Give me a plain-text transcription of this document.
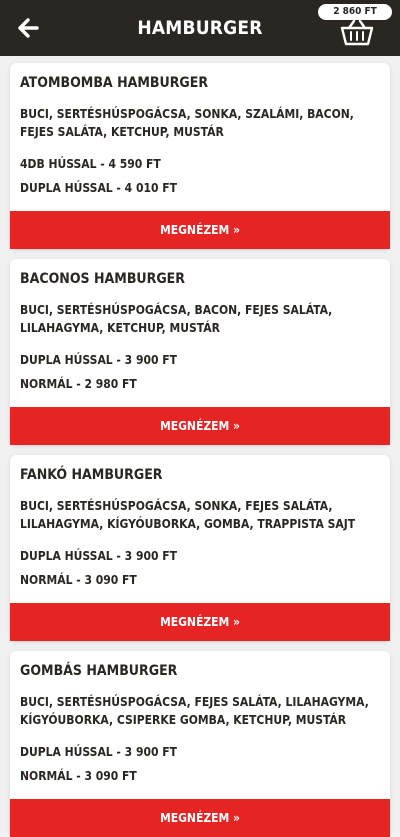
HAMBURGER
2 860 FT
ATOMBOMBA HAMBURGER
BUCI, SERTÉSHÚSPOGÁCSA, SONKA, SZALÁMI, BACON, FEJES SALÁTA, KETCHUP, MUSTÁR
4DB HÚSSAL - 4 590 FT
DUPLA HÚSSAL - 4 010 FT
MEGNÉZEM »
BACONOS HAMBURGER
BUCI, SERTÉSHÚSPOGÁCSA, BACON, FEJES SALÁTA, LILAHAGYMA, KETCHUP, MUSTÁR
DUPLA HÚSSAL - 3 900 FT
NORMÁL - 2 980 FT
MEGNÉZEM »
FANKÓ HAMBURGER
BUCI, SERTÉSHÚSPOGÁCSA, SONKA, FEJES SALÁTA, LILAHAGYMA, KÍGYÓUBORKA, GOMBA, TRAPPISTA SAJT
DUPLA HÚSSAL - 3 900 FT
NORMÁL - 3 090 FT
MEGNÉZEM »
GOMBÁS HAMBURGER
BUCI, SERTÉSHÚSPOGÁCSA, FEJES SALÁTA, LILAHAGYMA, KÍGYÓUBORKA, CSIPERKE GOMBA, KETCHUP, MUSTÁR
DUPLA HÚSSAL - 3 900 FT
NORMÁL - 3 090 FT
MEGNÉZEM »
